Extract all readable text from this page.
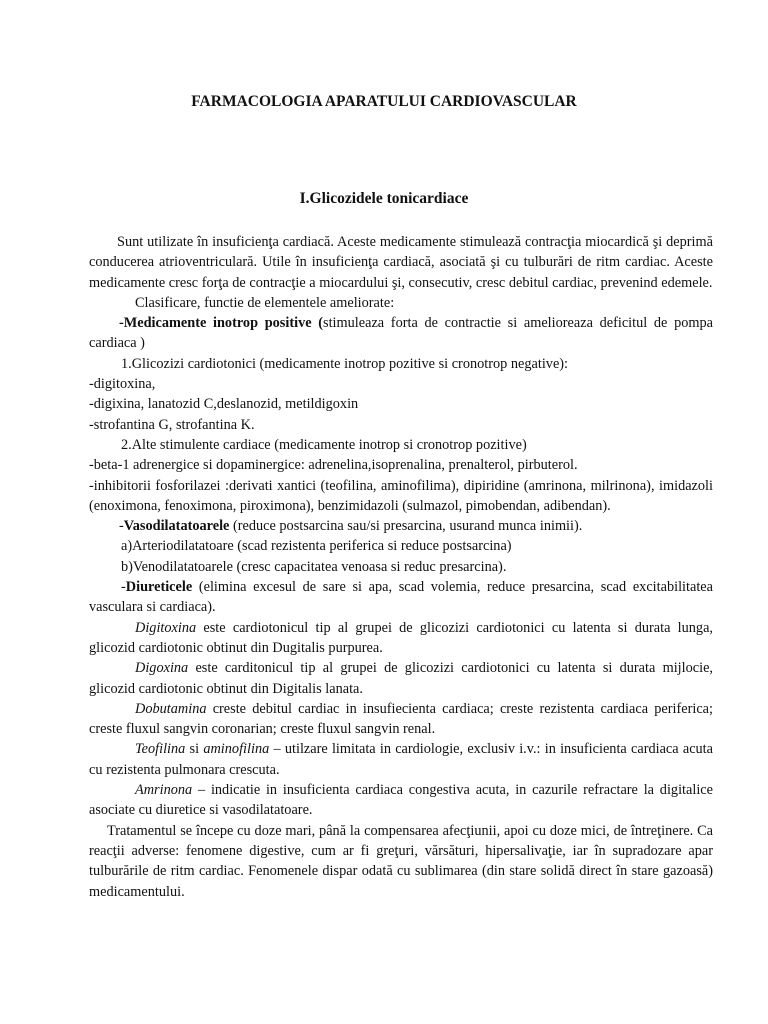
FARMACOLOGIA APARATULUI CARDIOVASCULAR
I.Glicozidele tonicardiace

Sunt utilizate în insuficienţa cardiacă. Aceste medicamente stimulează contracţia miocardică şi deprimă conducerea atrioventriculară. Utile în insuficienţa cardiacă, asociată şi cu tulburări de ritm cardiac. Aceste medicamente cresc forţa de contracţie a miocardului şi, consecutiv, cresc debitul cardiac, prevenind edemele.

Clasificare, functie de elementele ameliorate:

-Medicamente inotrop positive (stimuleaza forta de contractie si amelioreaza deficitul de pompa cardiaca )

1.Glicozizi cardiotonici (medicamente inotrop pozitive si cronotrop negative):

-digitoxina,

-digixina, lanatozid C,deslanozid, metildigoxin

-strofantina G, strofantina K.

2.Alte stimulente cardiace (medicamente inotrop si cronotrop pozitive)

-beta-1 adrenergice si dopaminergice: adrenelina,isoprenalina, prenalterol, pirbuterol.

-inhibitorii fosforilazei :derivati xantici (teofilina, aminofilima), dipiridine (amrinona, milrinona), imidazoli (enoximona, fenoximona, piroximona), benzimidazoli (sulmazol, pimobendan, adibendan).

-Vasodilatatoarele (reduce postsarcina sau/si presarcina, usurand munca inimii).

a)Arteriodilatatoare (scad rezistenta periferica si reduce postsarcina)

b)Venodilatatoarele (cresc capacitatea venoasa si reduc presarcina).

-Diureticele (elimina excesul de sare si apa, scad volemia, reduce presarcina, scad excitabilitatea vasculara si cardiaca).

Digitoxina este cardiotonicul tip al grupei de glicozizi cardiotonici cu latenta si durata lunga, glicozid cardiotonic obtinut din Dugitalis purpurea.

Digoxina este carditonicul tip al grupei de glicozizi cardiotonici cu latenta si durata mijlocie, glicozid cardiotonic obtinut din Digitalis lanata.

Dobutamina creste debitul cardiac in insufiecienta cardiaca; creste rezistenta cardiaca periferica; creste fluxul sangvin coronarian; creste fluxul sangvin renal.

Teofilina si aminofilina – utilzare limitata in cardiologie, exclusiv i.v.: in insuficienta cardiaca acuta cu rezistenta pulmonara crescuta.

Amrinona – indicatie in insuficienta cardiaca congestiva acuta, in cazurile refractare la digitalice asociate cu diuretice si vasodilatatoare.

Tratamentul se începe cu doze mari, până la compensarea afecţiunii, apoi cu doze mici, de întreţinere. Ca reacţii adverse: fenomene digestive, cum ar fi greţuri, vărsături, hipersalivaţie, iar în supradozare apar tulburările de ritm cardiac. Fenomenele dispar odată cu sublimarea (din stare solidă direct în stare gazoasă) medicamentului.
